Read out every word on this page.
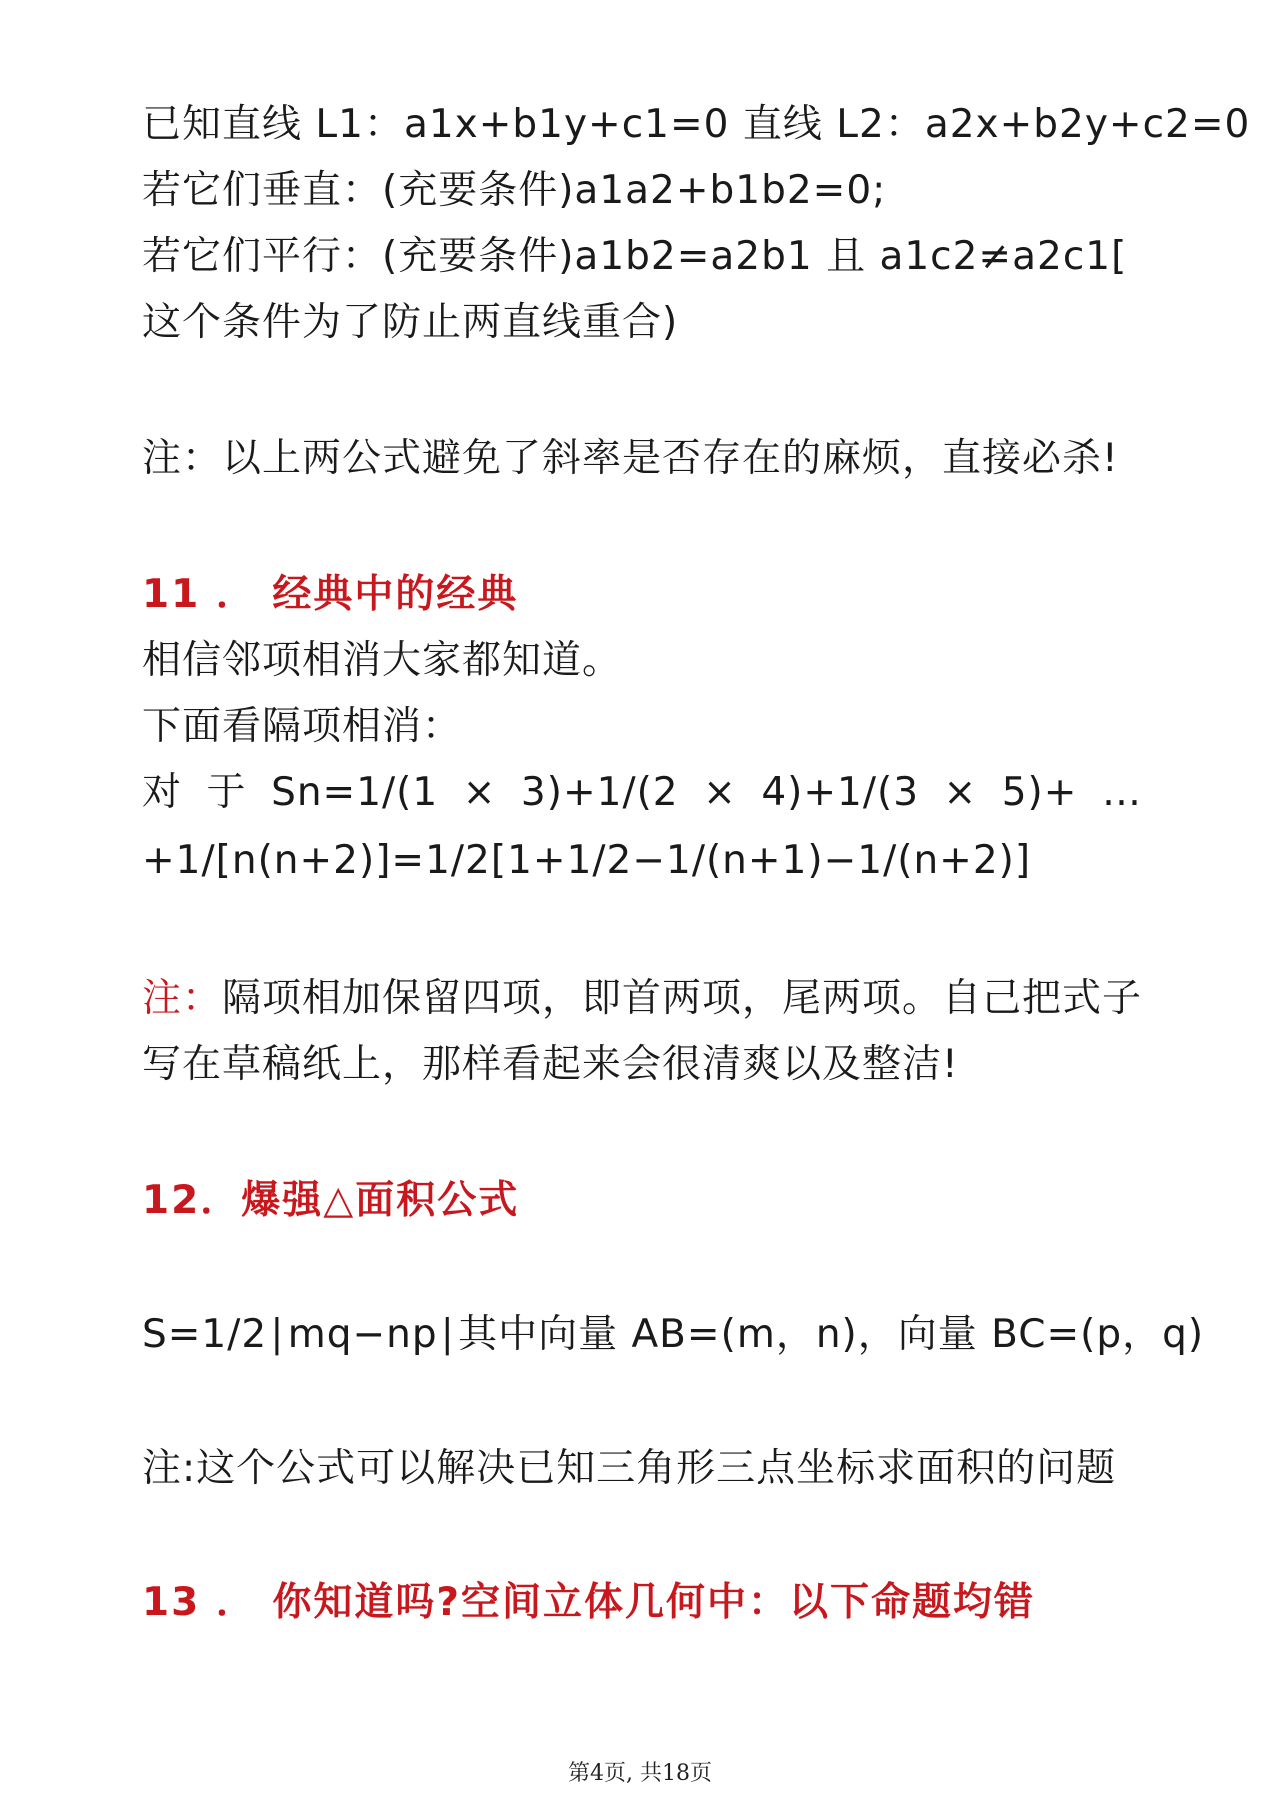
已知直线 L1：a1x+b1y+c1=0 直线 L2：a2x+b2y+c2=0
若它们垂直：(充要条件)a1a2+b1b2=0;
若它们平行：(充要条件)a1b2=a2b1 且 a1c2≠a2c1[
这个条件为了防止两直线重合)
注：以上两公式避免了斜率是否存在的麻烦，直接必杀!
11 ． 经典中的经典
相信邻项相消大家都知道。
下面看隔项相消：
对 于 Sn=1/(1 × 3)+1/(2 × 4)+1/(3 × 5)+ …
+1/[n(n+2)]=1/2[1+1/2−1/(n+1)−1/(n+2)]
注：隔项相加保留四项，即首两项，尾两项。自己把式子
写在草稿纸上，那样看起来会很清爽以及整洁!
12．爆强△面积公式
S=1/2∣mq−np∣其中向量 AB=(m，n)，向量 BC=(p，q)
注:这个公式可以解决已知三角形三点坐标求面积的问题
13 ． 你知道吗?空间立体几何中：以下命题均错
第4页, 共18页
